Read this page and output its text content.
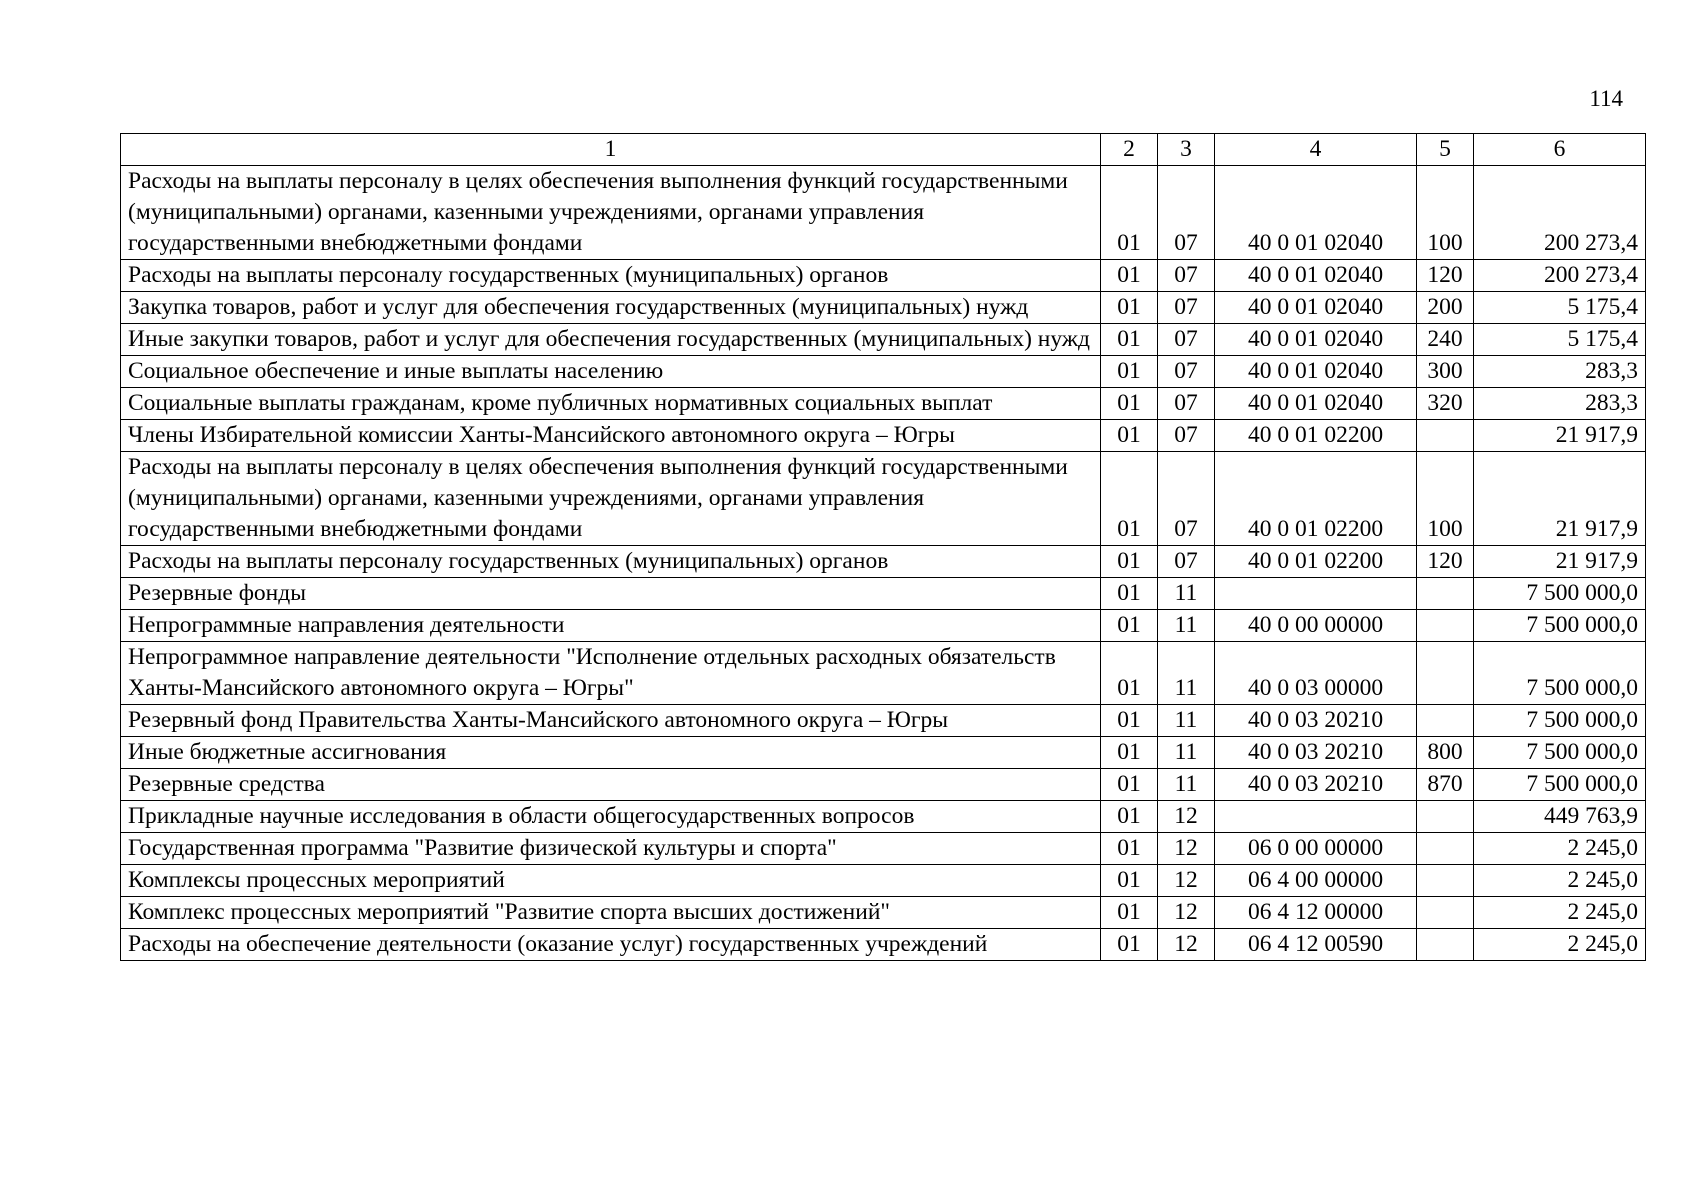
114
1	2	3	4	5	6
Расходы на выплаты персоналу в целях обеспечения выполнения функций государственными (муниципальными) органами, казенными учреждениями, органами управления государственными внебюджетными фондами	01	07	40 0 01 02040	100	200 273,4
Расходы на выплаты персоналу государственных (муниципальных) органов	01	07	40 0 01 02040	120	200 273,4
Закупка товаров, работ и услуг для обеспечения государственных (муниципальных) нужд	01	07	40 0 01 02040	200	5 175,4
Иные закупки товаров, работ и услуг для обеспечения государственных (муниципальных) нужд	01	07	40 0 01 02040	240	5 175,4
Социальное обеспечение и иные выплаты населению	01	07	40 0 01 02040	300	283,3
Социальные выплаты гражданам, кроме публичных нормативных социальных выплат	01	07	40 0 01 02040	320	283,3
Члены Избирательной комиссии Ханты-Мансийского автономного округа – Югры	01	07	40 0 01 02200		21 917,9
Расходы на выплаты персоналу в целях обеспечения выполнения функций государственными (муниципальными) органами, казенными учреждениями, органами управления государственными внебюджетными фондами	01	07	40 0 01 02200	100	21 917,9
Расходы на выплаты персоналу государственных (муниципальных) органов	01	07	40 0 01 02200	120	21 917,9
Резервные фонды	01	11			7 500 000,0
Непрограммные направления деятельности	01	11	40 0 00 00000		7 500 000,0
Непрограммное направление деятельности "Исполнение отдельных расходных обязательств Ханты-Мансийского автономного округа – Югры"	01	11	40 0 03 00000		7 500 000,0
Резервный фонд Правительства Ханты-Мансийского автономного округа – Югры	01	11	40 0 03 20210		7 500 000,0
Иные бюджетные ассигнования	01	11	40 0 03 20210	800	7 500 000,0
Резервные средства	01	11	40 0 03 20210	870	7 500 000,0
Прикладные научные исследования в области общегосударственных вопросов	01	12			449 763,9
Государственная программа "Развитие физической культуры и спорта"	01	12	06 0 00 00000		2 245,0
Комплексы процессных мероприятий	01	12	06 4 00 00000		2 245,0
Комплекс процессных мероприятий "Развитие спорта высших достижений"	01	12	06 4 12 00000		2 245,0
Расходы на обеспечение деятельности (оказание услуг) государственных учреждений	01	12	06 4 12 00590		2 245,0
